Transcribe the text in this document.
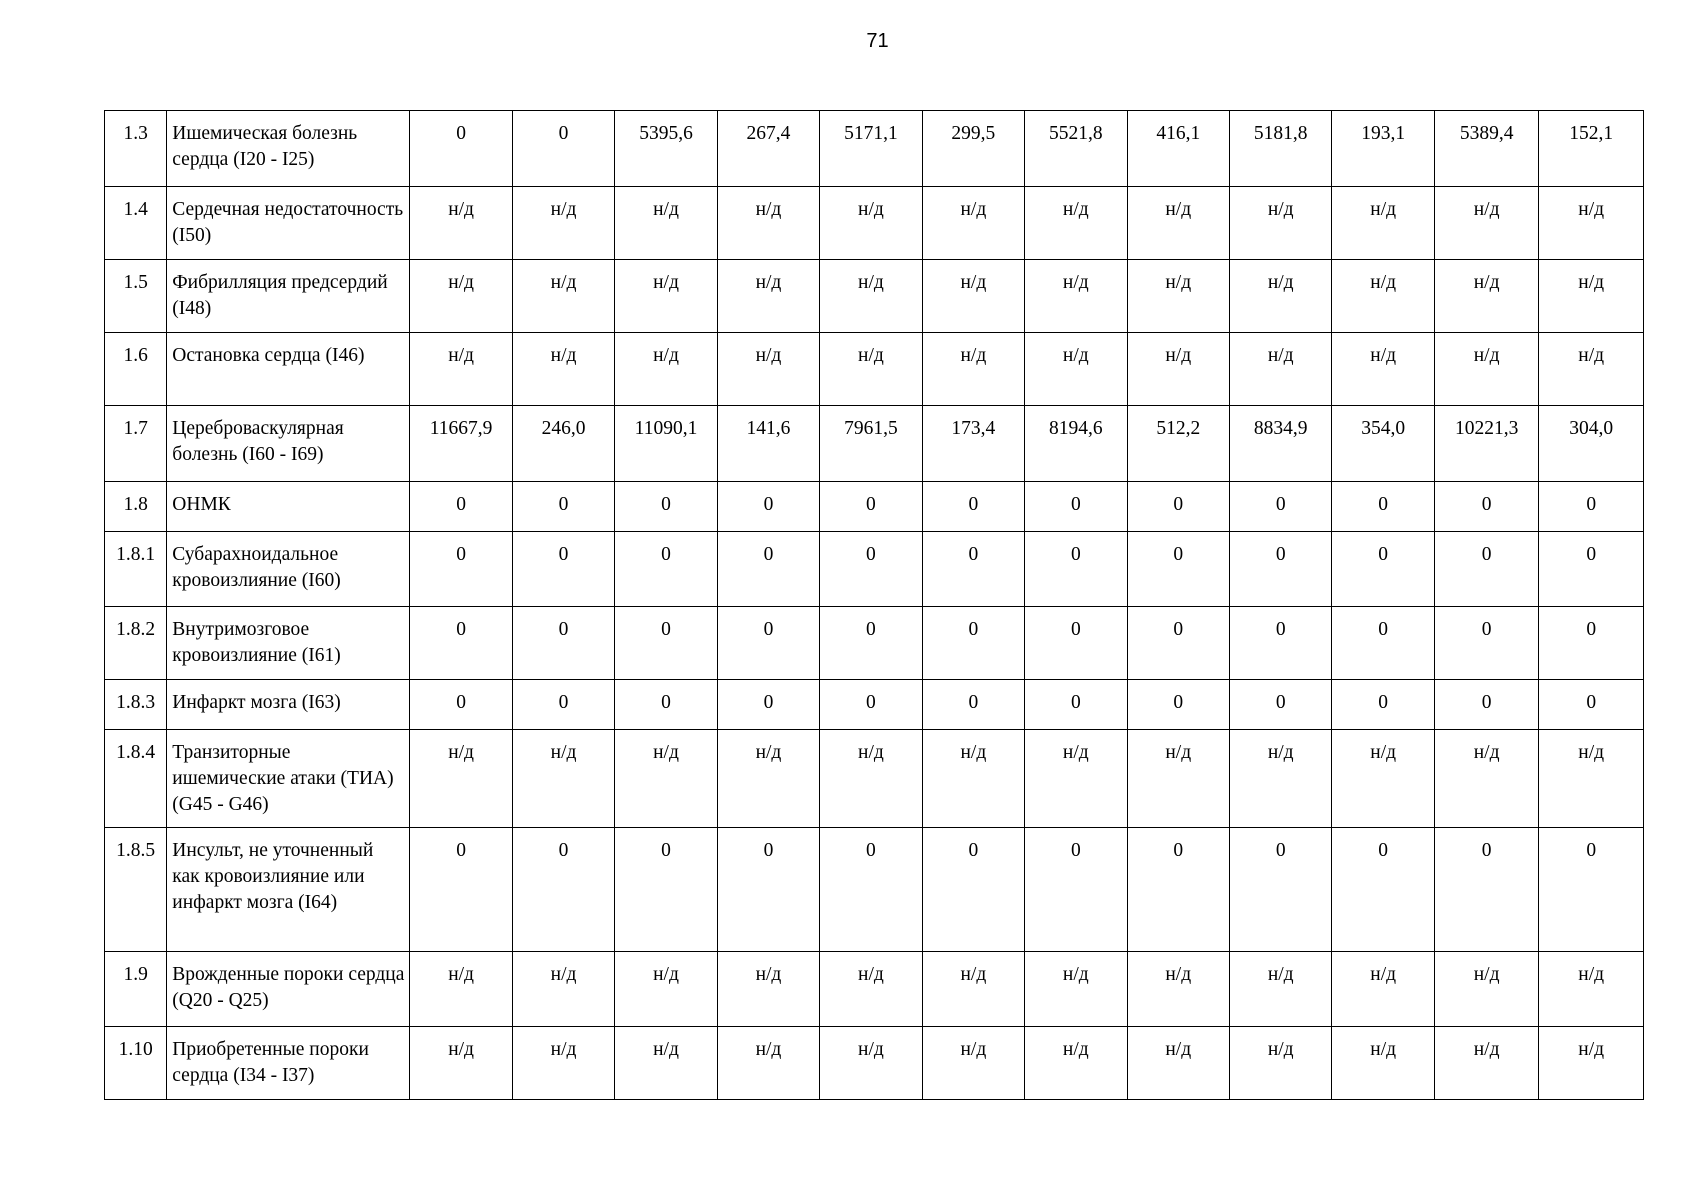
71
1.3	Ишемическая болезнь сердца (I20 - I25)	0	0	5395,6	267,4	5171,1	299,5	5521,8	416,1	5181,8	193,1	5389,4	152,1
1.4	Сердечная недостаточность (I50)	н/д	н/д	н/д	н/д	н/д	н/д	н/д	н/д	н/д	н/д	н/д	н/д
1.5	Фибрилляция предсердий (I48)	н/д	н/д	н/д	н/д	н/д	н/д	н/д	н/д	н/д	н/д	н/д	н/д
1.6	Остановка сердца (I46)	н/д	н/д	н/д	н/д	н/д	н/д	н/д	н/д	н/д	н/д	н/д	н/д
1.7	Цереброваскулярная болезнь (I60 - I69)	11667,9	246,0	11090,1	141,6	7961,5	173,4	8194,6	512,2	8834,9	354,0	10221,3	304,0
1.8	ОНМК	0	0	0	0	0	0	0	0	0	0	0	0
1.8.1	Субарахноидальное кровоизлияние (I60)	0	0	0	0	0	0	0	0	0	0	0	0
1.8.2	Внутримозговое кровоизлияние (I61)	0	0	0	0	0	0	0	0	0	0	0	0
1.8.3	Инфаркт мозга (I63)	0	0	0	0	0	0	0	0	0	0	0	0
1.8.4	Транзиторные ишемические атаки (ТИА) (G45 - G46)	н/д	н/д	н/д	н/д	н/д	н/д	н/д	н/д	н/д	н/д	н/д	н/д
1.8.5	Инсульт, не уточненный как кровоизлияние или инфаркт мозга (I64)	0	0	0	0	0	0	0	0	0	0	0	0
1.9	Врожденные пороки сердца (Q20 - Q25)	н/д	н/д	н/д	н/д	н/д	н/д	н/д	н/д	н/д	н/д	н/д	н/д
1.10	Приобретенные пороки сердца (I34 - I37)	н/д	н/д	н/д	н/д	н/д	н/д	н/д	н/д	н/д	н/д	н/д	н/д
